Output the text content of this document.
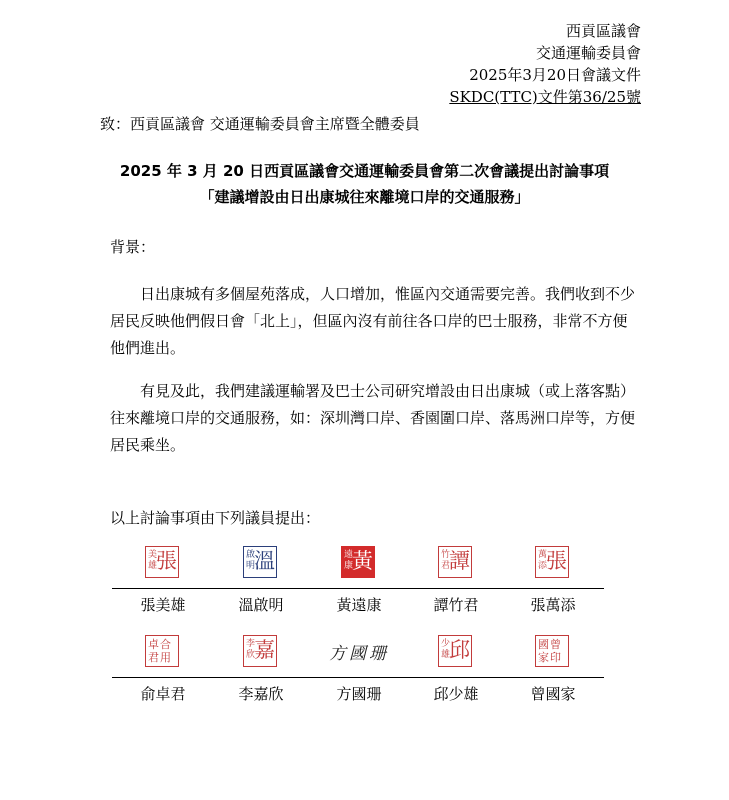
西貢區議會
交通運輸委員會
2025年3月20日會議文件
SKDC(TTC)文件第36/25號
致：西貢區議會 交通運輸委員會主席暨全體委員
2025 年 3 月 20 日西貢區議會交通運輸委員會第二次會議提出討論事項
「建議增設由日出康城往來離境口岸的交通服務」
背景：

日出康城有多個屋苑落成，人口增加，惟區內交通需要完善。我們收到不少居民反映他們假日會「北上」，但區內沒有前往各口岸的巴士服務，非常不方便他們進出。

有見及此，我們建議運輸署及巴士公司研究增設由日出康城（或上落客點）往來離境口岸的交通服務，如：深圳灣口岸、香園圍口岸、落馬洲口岸等，方便居民乘坐。

以上討論事項由下列議員提出：
美雄
張
張美雄
啟明
溫
溫啟明
遠康
黃
黃遠康
竹君
譚
譚竹君
萬添
張
張萬添
卓合君用
俞卓君
李欣
嘉
李嘉欣
方國珊
方國珊
少雄
邱
邱少雄
國曾家印
曾國家
